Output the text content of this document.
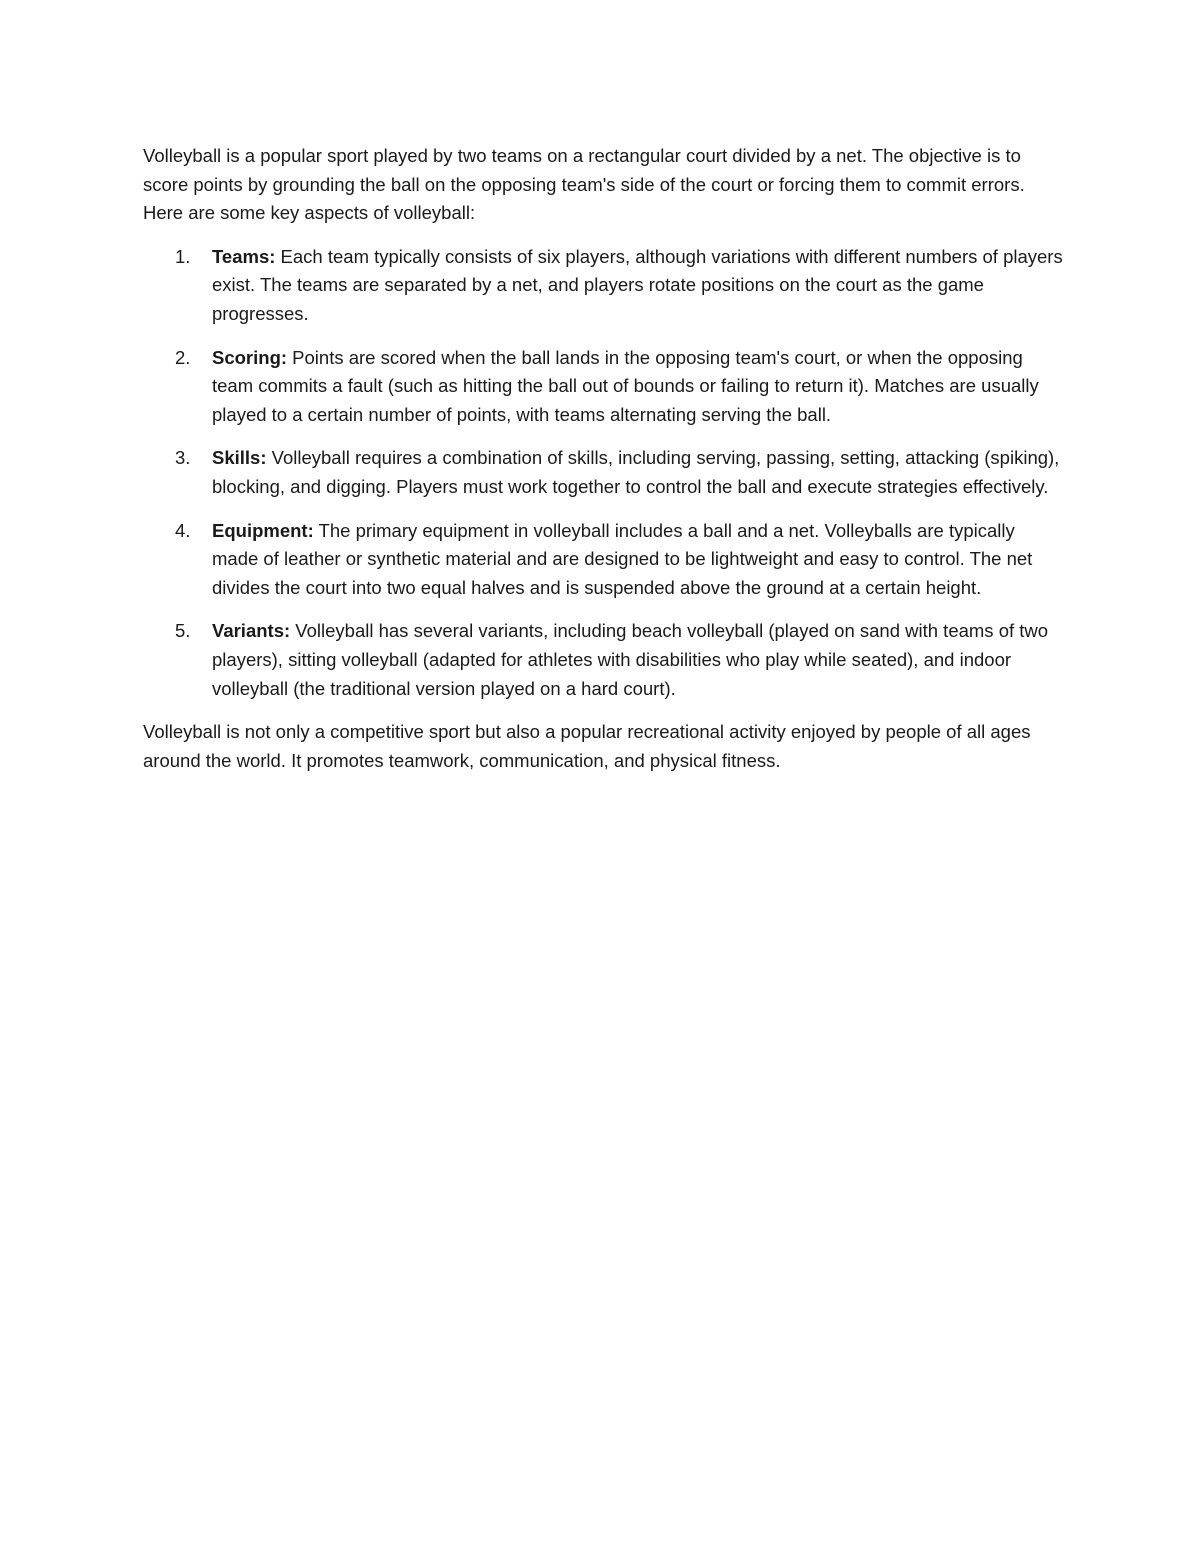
Volleyball is a popular sport played by two teams on a rectangular court divided by a net. The objective is to score points by grounding the ball on the opposing team's side of the court or forcing them to commit errors. Here are some key aspects of volleyball:

1. Teams: Each team typically consists of six players, although variations with different numbers of players exist. The teams are separated by a net, and players rotate positions on the court as the game progresses.
2. Scoring: Points are scored when the ball lands in the opposing team's court, or when the opposing team commits a fault (such as hitting the ball out of bounds or failing to return it). Matches are usually played to a certain number of points, with teams alternating serving the ball.
3. Skills: Volleyball requires a combination of skills, including serving, passing, setting, attacking (spiking), blocking, and digging. Players must work together to control the ball and execute strategies effectively.
4. Equipment: The primary equipment in volleyball includes a ball and a net. Volleyballs are typically made of leather or synthetic material and are designed to be lightweight and easy to control. The net divides the court into two equal halves and is suspended above the ground at a certain height.
5. Variants: Volleyball has several variants, including beach volleyball (played on sand with teams of two players), sitting volleyball (adapted for athletes with disabilities who play while seated), and indoor volleyball (the traditional version played on a hard court).

Volleyball is not only a competitive sport but also a popular recreational activity enjoyed by people of all ages around the world. It promotes teamwork, communication, and physical fitness.
